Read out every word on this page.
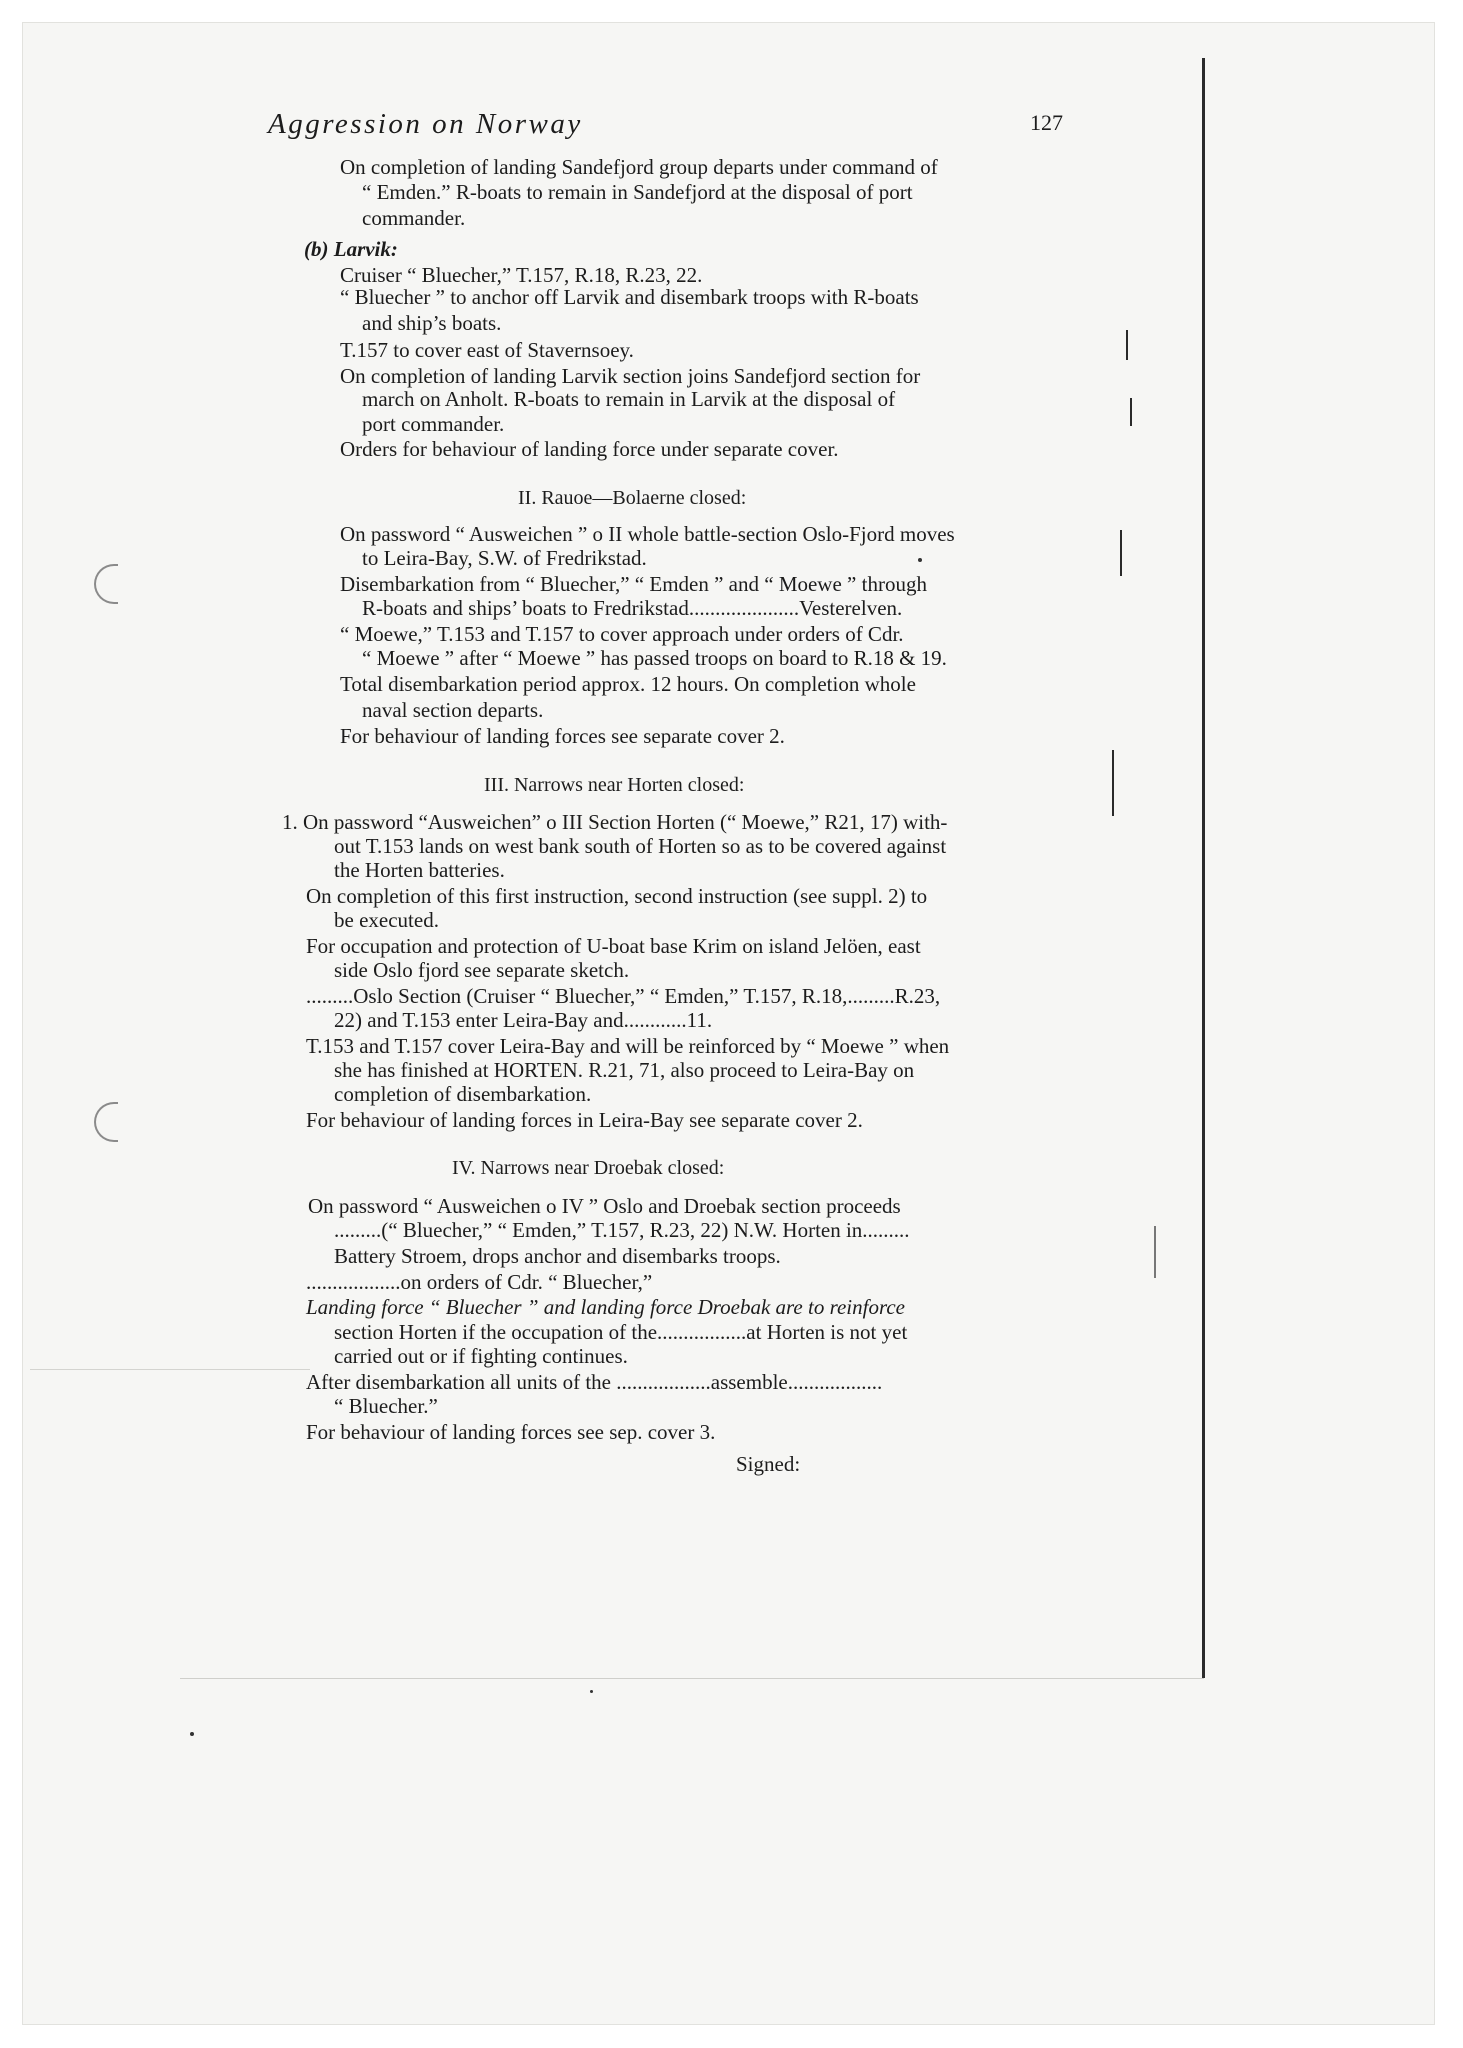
Aggression on Norway	127
On completion of landing Sandefjord group departs under command of
“ Emden.” R-boats to remain in Sandefjord at the disposal of port
commander.
(b) Larvik:
Cruiser “ Bluecher,” T.157, R.18, R.23, 22.
“ Bluecher ” to anchor off Larvik and disembark troops with R-boats
and ship’s boats.
T.157 to cover east of Stavernsoey.
On completion of landing Larvik section joins Sandefjord section for
march on Anholt. R-boats to remain in Larvik at the disposal of
port commander.
Orders for behaviour of landing force under separate cover.
II. Rauoe—Bolaerne closed:
On password “ Ausweichen ” o II whole battle-section Oslo-Fjord moves
to Leira-Bay, S.W. of Fredrikstad.
Disembarkation from “ Bluecher,” “ Emden ” and “ Moewe ” through
R-boats and ships’ boats to Fredrikstad.....................Vesterelven.
“ Moewe,” T.153 and T.157 to cover approach under orders of Cdr.
“ Moewe ” after “ Moewe ” has passed troops on board to R.18 & 19.
Total disembarkation period approx. 12 hours. On completion whole
naval section departs.
For behaviour of landing forces see separate cover 2.
III. Narrows near Horten closed:
1. On password “Ausweichen” o III Section Horten (“ Moewe,” R21, 17) with-
out T.153 lands on west bank south of Horten so as to be covered against
the Horten batteries.
On completion of this first instruction, second instruction (see suppl. 2) to
be executed.
For occupation and protection of U-boat base Krim on island Jelöen, east
side Oslo fjord see separate sketch.
.........Oslo Section (Cruiser “ Bluecher,” “ Emden,” T.157, R.18,.........R.23,
22) and T.153 enter Leira-Bay and............11.
T.153 and T.157 cover Leira-Bay and will be reinforced by “ Moewe ” when
she has finished at HORTEN. R.21, 71, also proceed to Leira-Bay on
completion of disembarkation.
For behaviour of landing forces in Leira-Bay see separate cover 2.
IV. Narrows near Droebak closed:
On password “ Ausweichen o IV ” Oslo and Droebak section proceeds
.........(“ Bluecher,” “ Emden,” T.157, R.23, 22) N.W. Horten in.........
Battery Stroem, drops anchor and disembarks troops.
..................on orders of Cdr. “ Bluecher,”
Landing force “ Bluecher ” and landing force Droebak are to reinforce
section Horten if the occupation of the.................at Horten is not yet
carried out or if fighting continues.
After disembarkation all units of the ..................assemble..................
“ Bluecher.”
For behaviour of landing forces see sep. cover 3.
Signed:
